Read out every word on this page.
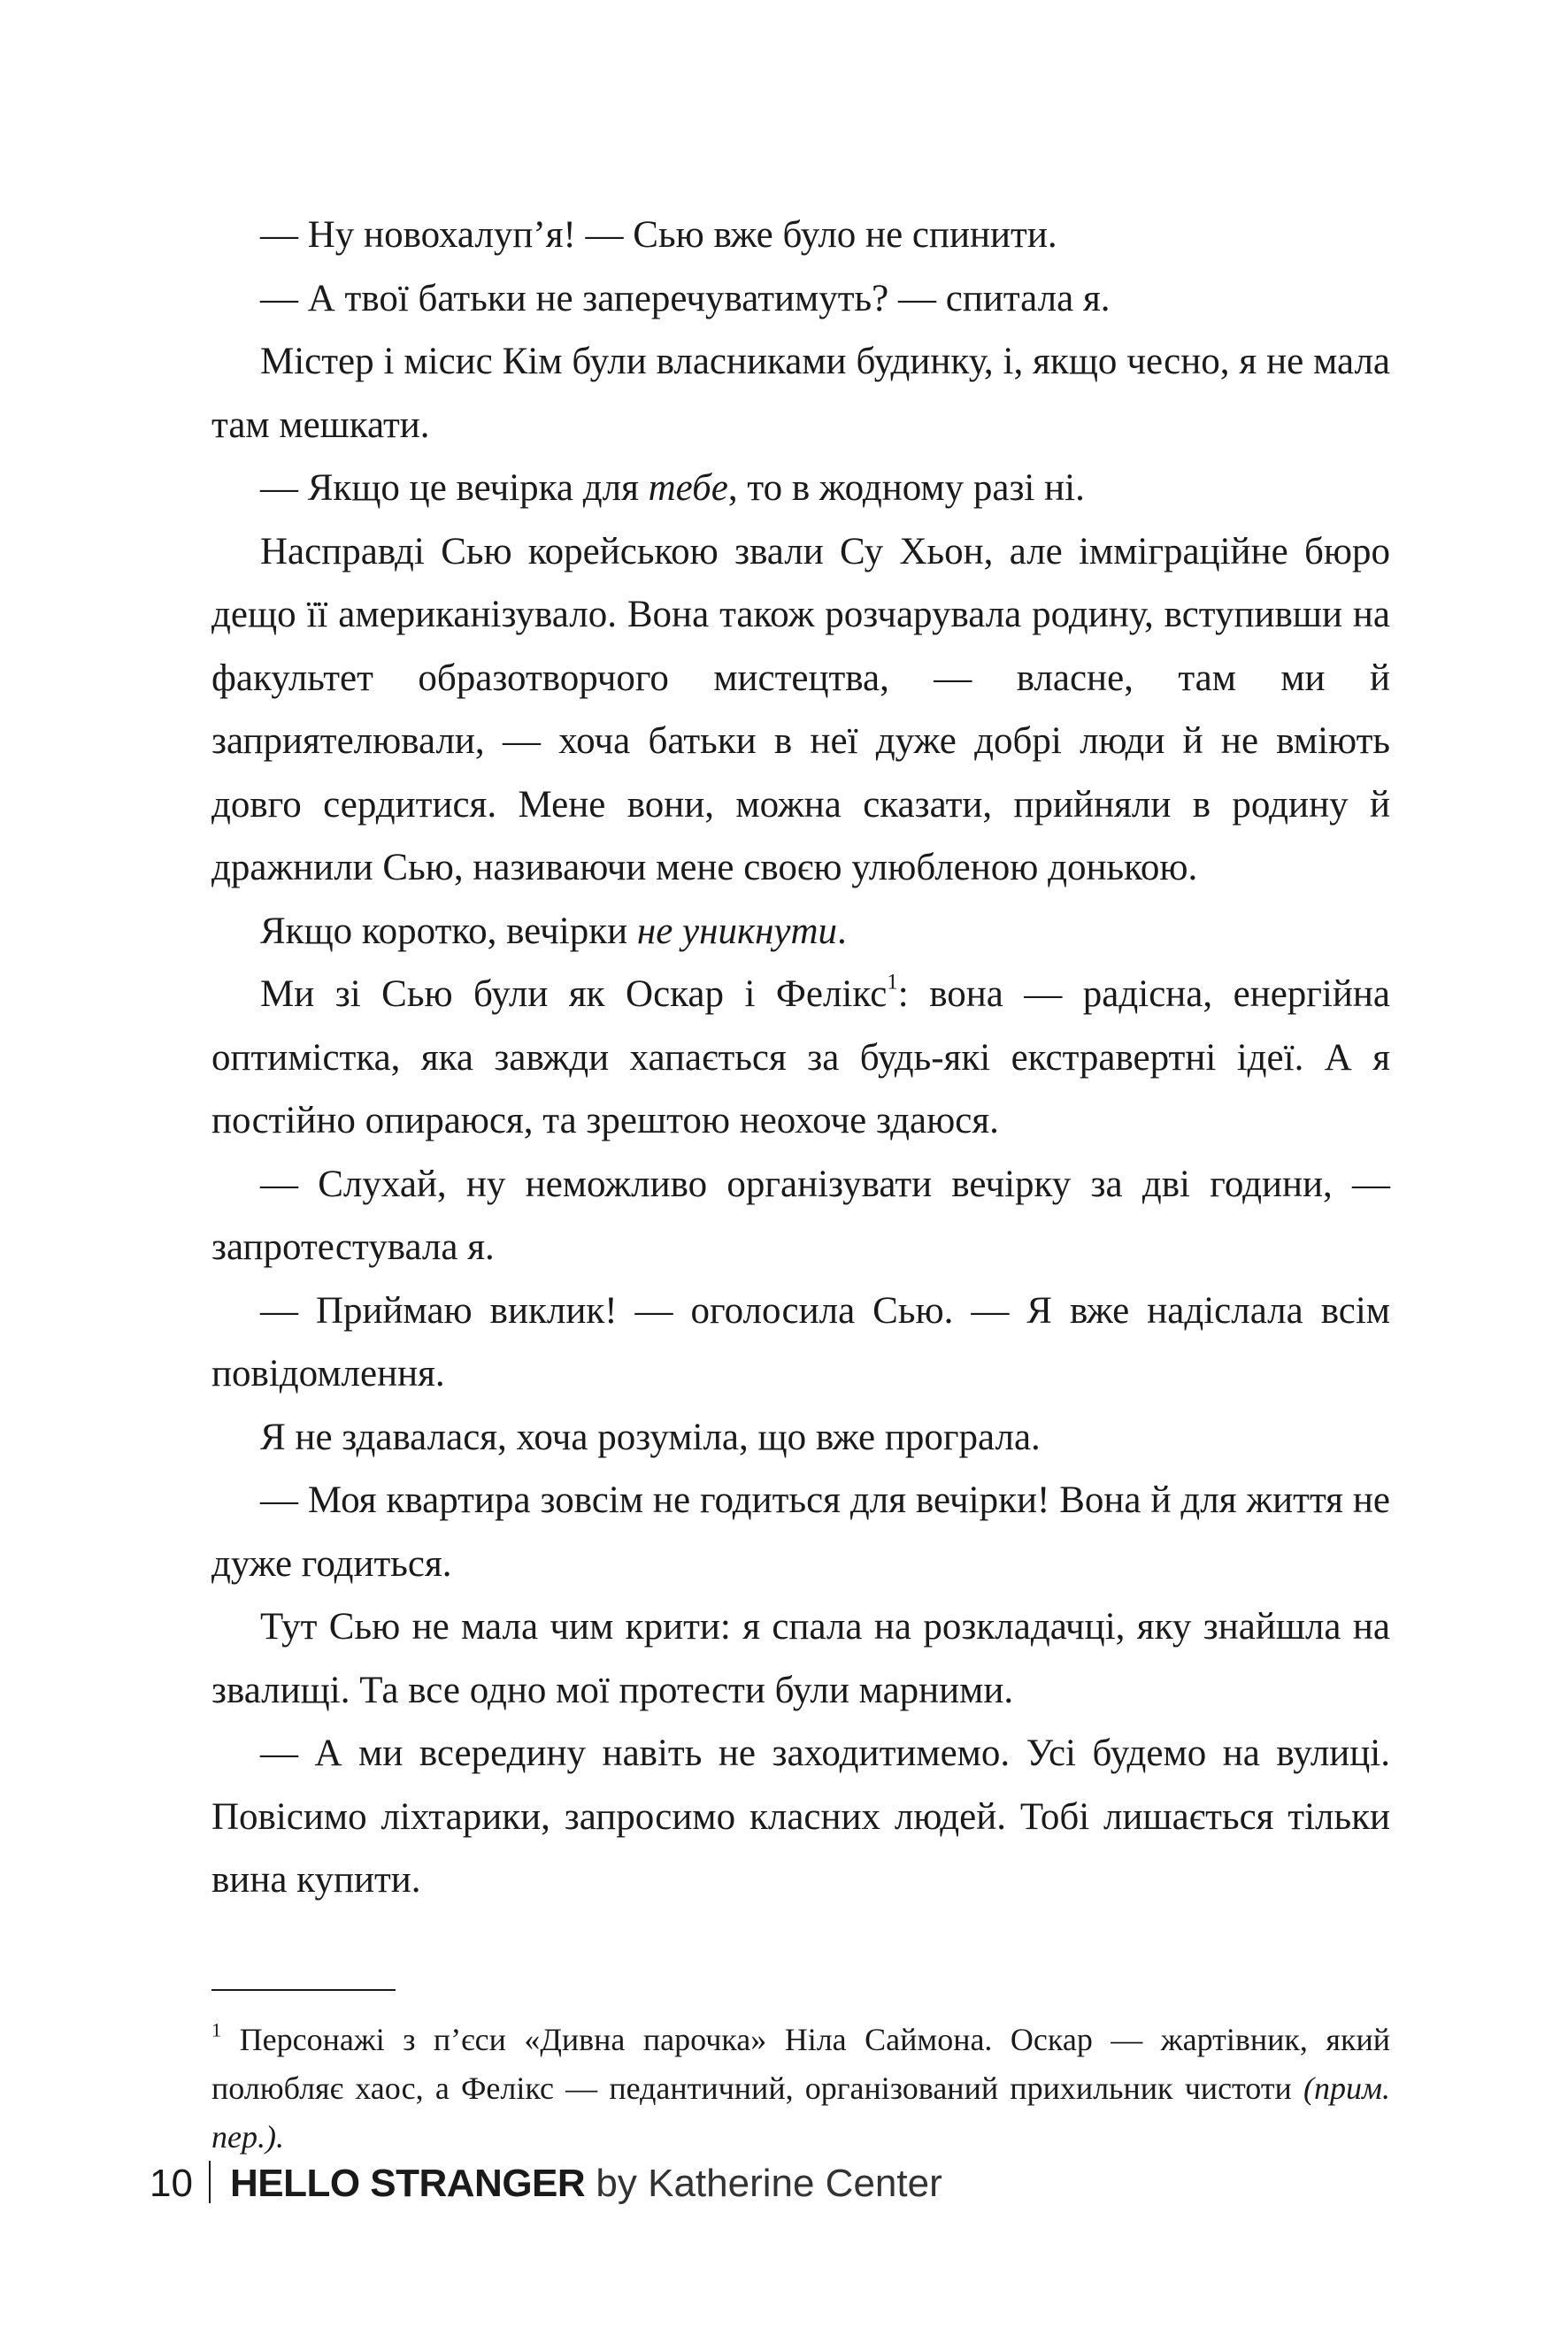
— Ну новохалуп’я! — Сью вже було не спинити.

— А твої батьки не заперечуватимуть? — спитала я.

Містер і місис Кім були власниками будинку, і, якщо чесно, я не мала там мешкати.

— Якщо це вечірка для тебе, то в жодному разі ні.

Насправді Сью корейською звали Су Хьон, але імміграційне бюро дещо її американізувало. Вона також розчарувала родину, вступивши на факультет образотворчого мистецтва, — власне, там ми й заприятелювали, — хоча батьки в неї дуже добрі люди й не вміють довго сердитися. Мене вони, можна сказати, прийняли в родину й дражнили Сью, називаючи мене своєю улюбленою донькою.

Якщо коротко, вечірки не уникнути.

Ми зі Сью були як Оскар і Фелікс$^1$: вона — радісна, енергійна оптимістка, яка завжди хапається за будь-які екстравертні ідеї. А я постійно опираюся, та зрештою неохоче здаюся.

— Слухай, ну неможливо організувати вечірку за дві години, — запротестувала я.

— Приймаю виклик! — оголосила Сью. — Я вже надіслала всім повідомлення.

Я не здавалася, хоча розуміла, що вже програла.

— Моя квартира зовсім не годиться для вечірки! Вона й для життя не дуже годиться.

Тут Сью не мала чим крити: я спала на розкладачці, яку знайшла на звалищі. Та все одно мої протести були марними.

— А ми всередину навіть не заходитимемо. Усі будемо на вулиці. Повісимо ліхтарики, запросимо класних людей. Тобі лишається тільки вина купити.

$^1$ Персонажі з п’єси «Дивна парочка» Ніла Саймона. Оскар — жартівник, який полюбляє хаос, а Фелікс — педантичний, організований прихильник чистоти (прим. пер.).

10 HELLO STRANGER by Katherine Center
